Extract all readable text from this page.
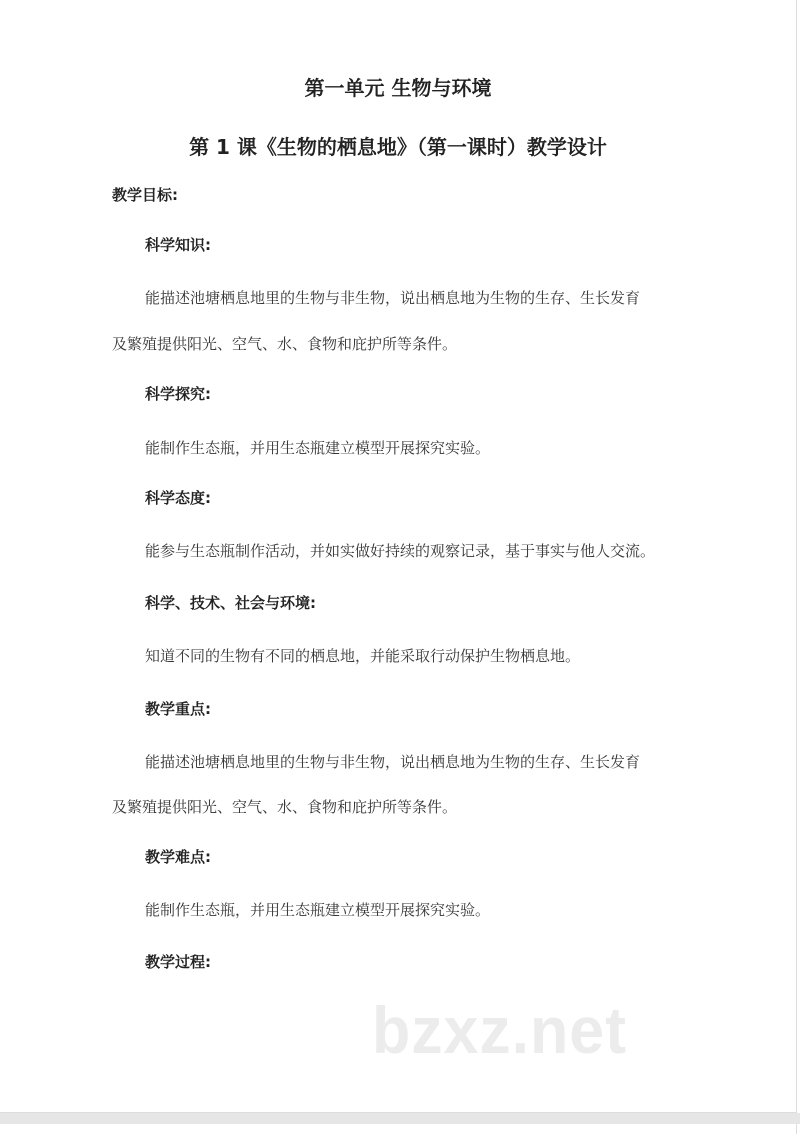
第一单元 生物与环境
第 1 课《生物的栖息地》（第一课时）教学设计
教学目标:
科学知识:
能描述池塘栖息地里的生物与非生物，说出栖息地为生物的生存、生长发育
及繁殖提供阳光、空气、水、食物和庇护所等条件。
科学探究:
能制作生态瓶，并用生态瓶建立模型开展探究实验。
科学态度:
能参与生态瓶制作活动，并如实做好持续的观察记录，基于事实与他人交流。
科学、技术、社会与环境:
知道不同的生物有不同的栖息地，并能采取行动保护生物栖息地。
教学重点:
能描述池塘栖息地里的生物与非生物，说出栖息地为生物的生存、生长发育
及繁殖提供阳光、空气、水、食物和庇护所等条件。
教学难点:
能制作生态瓶，并用生态瓶建立模型开展探究实验。
教学过程:
bzxz.net
